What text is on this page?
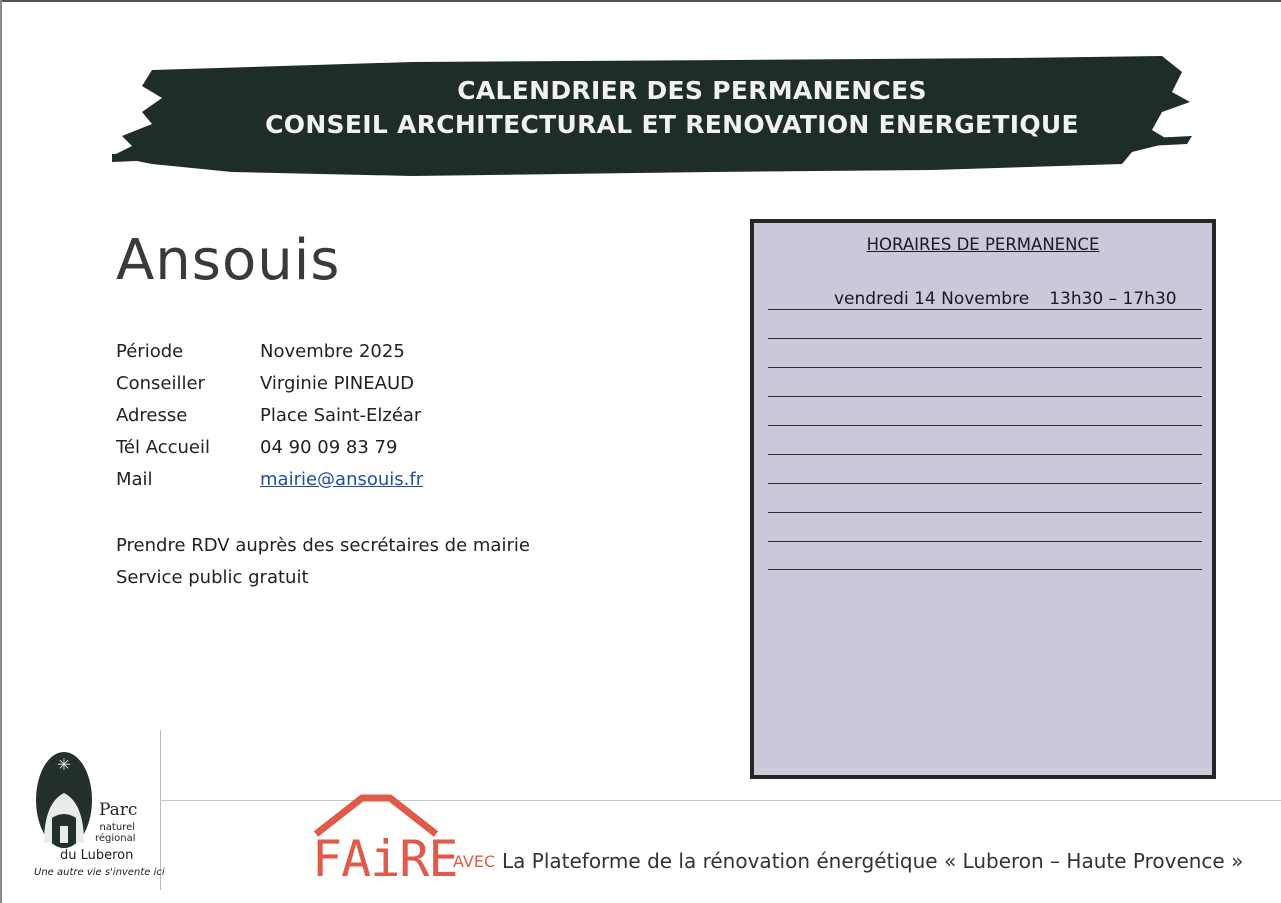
CALENDRIER DES PERMANENCES
CONSEIL ARCHITECTURAL ET RENOVATION ENERGETIQUE
Ansouis
Période	Novembre 2025
Conseiller	Virginie PINEAUD
Adresse	Place Saint-Elzéar
Tél Accueil	04 90 09 83 79
Mail	mairie@ansouis.fr
Prendre RDV auprès des secrétaires de mairie
Service public gratuit
HORAIRES DE PERMANENCE
vendredi 14 Novembre 13h30 – 17h30
✳
Parc
naturel
régional
du Luberon
Une autre vie s'invente ici	FAiRE
AVEC La Plateforme de la rénovation énergétique « Luberon – Haute Provence »
